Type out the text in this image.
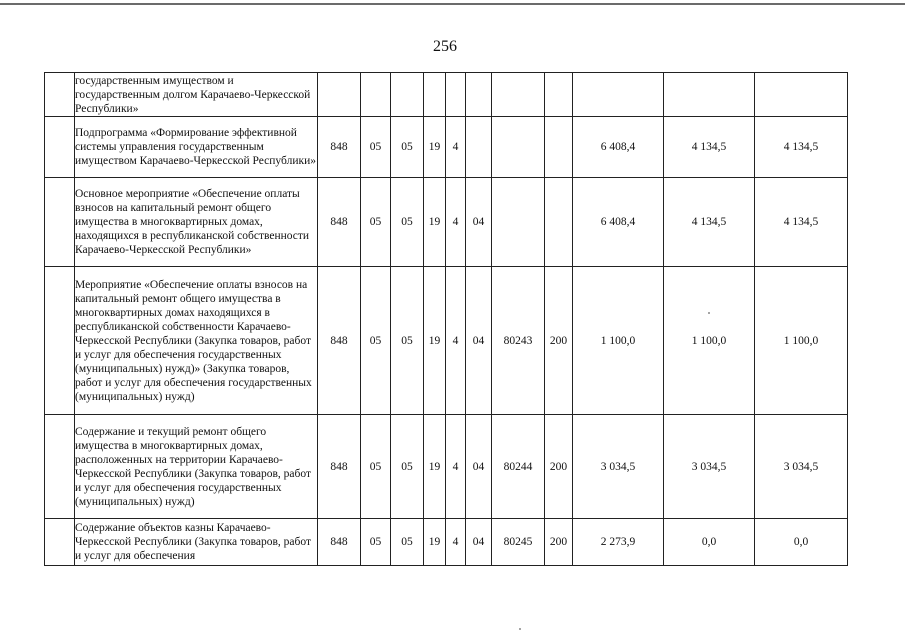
256
	государственным имуществом и государственным долгом Карачаево-Черкесской Республики»											
	Подпрограмма «Формирование эффективной системы управления государственным имуществом Карачаево-Черкесской Республики»	848	05	05	19	4				6 408,4	4 134,5	4 134,5
	Основное мероприятие «Обеспечение оплаты взносов на капитальный ремонт общего имущества в многоквартирных домах, находящихся в республиканской собственности Карачаево-Черкесской Республики»	848	05	05	19	4	04			6 408,4	4 134,5	4 134,5
	Мероприятие «Обеспечение оплаты взносов на капитальный ремонт общего имущества в многоквартирных домах находящихся в республиканской собственности Карачаево-Черкесской Республики (Закупка товаров, работ и услуг для обеспечения государственных (муниципальных) нужд)» (Закупка товаров, работ и услуг для обеспечения государственных (муниципальных) нужд)	848	05	05	19	4	04	80243	200	1 100,0	1 100,0	1 100,0
	Содержание и текущий ремонт общего имущества в многоквартирных домах, расположенных на территории Карачаево-Черкесской Республики (Закупка товаров, работ и услуг для обеспечения государственных (муниципальных) нужд)	848	05	05	19	4	04	80244	200	3 034,5	3 034,5	3 034,5
	Содержание объектов казны Карачаево-Черкесской Республики (Закупка товаров, работ и услуг для обеспечения	848	05	05	19	4	04	80245	200	2 273,9	0,0	0,0
